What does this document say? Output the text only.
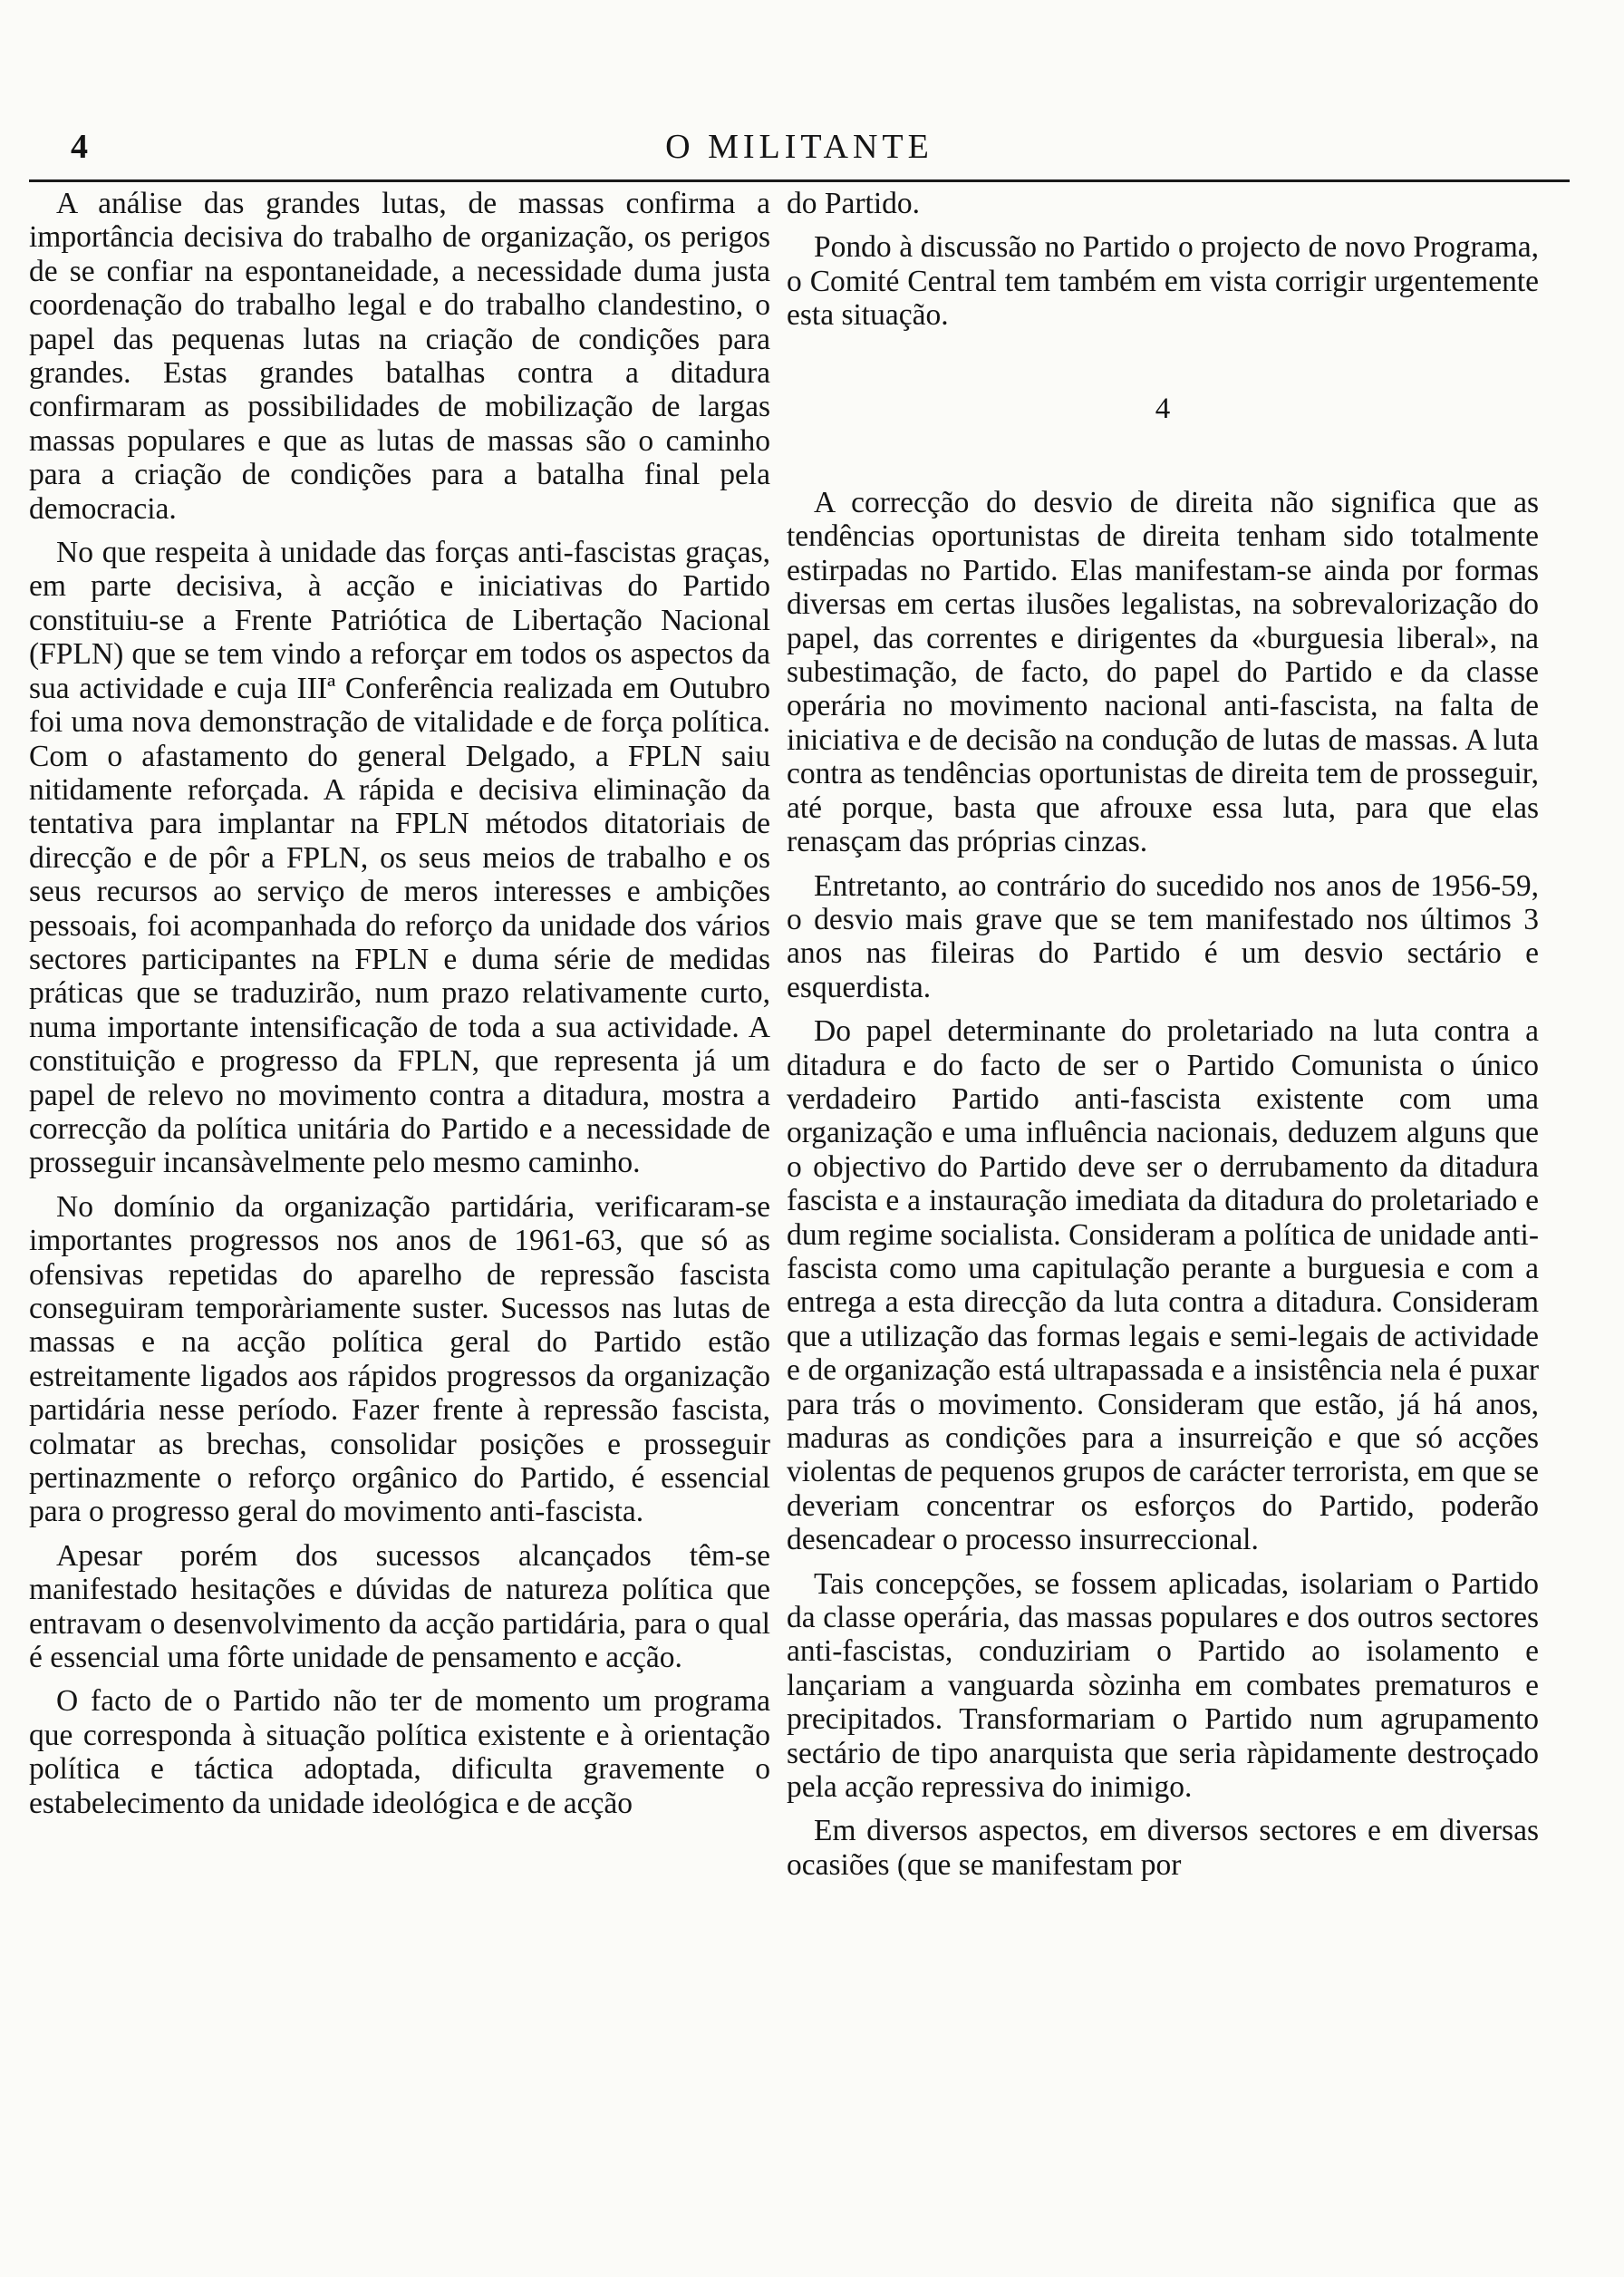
4	O MILITANTE

A análise das grandes lutas, de massas confirma a importância decisiva do trabalho de organização, os perigos de se confiar na espontaneidade, a necessidade duma justa coordenação do trabalho legal e do trabalho clandestino, o papel das pequenas lutas na criação de condições para grandes. Estas grandes batalhas contra a ditadura confirmaram as possibilidades de mobilização de largas massas populares e que as lutas de massas são o caminho para a criação de condições para a batalha final pela democracia.

No que respeita à unidade das forças anti-fascistas graças, em parte decisiva, à acção e iniciativas do Partido constituiu-se a Frente Patriótica de Libertação Nacional (FPLN) que se tem vindo a reforçar em todos os aspectos da sua actividade e cuja IIIª Conferência realizada em Outubro foi uma nova demonstração de vitalidade e de força política. Com o afastamento do general Delgado, a FPLN saiu nitidamente reforçada. A rápida e decisiva eliminação da tentativa para implantar na FPLN métodos ditatoriais de direcção e de pôr a FPLN, os seus meios de trabalho e os seus recursos ao serviço de meros interesses e ambições pessoais, foi acompanhada do reforço da unidade dos vários sectores participantes na FPLN e duma série de medidas práticas que se traduzirão, num prazo relativamente curto, numa importante intensificação de toda a sua actividade. A constituição e progresso da FPLN, que representa já um papel de relevo no movimento contra a ditadura, mostra a correcção da política unitária do Partido e a necessidade de prosseguir incansàvelmente pelo mesmo caminho.

No domínio da organização partidária, verificaram-se importantes progressos nos anos de 1961-63, que só as ofensivas repetidas do aparelho de repressão fascista conseguiram temporàriamente suster. Sucessos nas lutas de massas e na acção política geral do Partido estão estreitamente ligados aos rápidos progressos da organização partidária nesse período. Fazer frente à repressão fascista, colmatar as brechas, consolidar posições e prosseguir pertinazmente o reforço orgânico do Partido, é essencial para o progresso geral do movimento anti-fascista.

Apesar porém dos sucessos alcançados têm-se manifestado hesitações e dúvidas de natureza política que entravam o desenvolvimento da acção partidária, para o qual é essencial uma fôrte unidade de pensamento e acção.

O facto de o Partido não ter de momento um programa que corresponda à situação política existente e à orientação política e táctica adoptada, dificulta gravemente o estabelecimento da unidade ideológica e de acção

do Partido.

Pondo à discussão no Partido o projecto de novo Programa, o Comité Central tem também em vista corrigir urgentemente esta situação.

4

A correcção do desvio de direita não significa que as tendências oportunistas de direita tenham sido totalmente estirpadas no Partido. Elas manifestam-se ainda por formas diversas em certas ilusões legalistas, na sobrevalorização do papel, das correntes e dirigentes da «burguesia liberal», na subestimação, de facto, do papel do Partido e da classe operária no movimento nacional anti-fascista, na falta de iniciativa e de decisão na condução de lutas de massas. A luta contra as tendências oportunistas de direita tem de prosseguir, até porque, basta que afrouxe essa luta, para que elas renasçam das próprias cinzas.

Entretanto, ao contrário do sucedido nos anos de 1956-59, o desvio mais grave que se tem manifestado nos últimos 3 anos nas fileiras do Partido é um desvio sectário e esquerdista.

Do papel determinante do proletariado na luta contra a ditadura e do facto de ser o Partido Comunista o único verdadeiro Partido anti-fascista existente com uma organização e uma influência nacionais, deduzem alguns que o objectivo do Partido deve ser o derrubamento da ditadura fascista e a instauração imediata da ditadura do proletariado e dum regime socialista. Consideram a política de unidade anti-fascista como uma capitulação perante a burguesia e com a entrega a esta direcção da luta contra a ditadura. Consideram que a utilização das formas legais e semi-legais de actividade e de organização está ultrapassada e a insistência nela é puxar para trás o movimento. Consideram que estão, já há anos, maduras as condições para a insurreição e que só acções violentas de pequenos grupos de carácter terrorista, em que se deveriam concentrar os esforços do Partido, poderão desencadear o processo insurreccional.

Tais concepções, se fossem aplicadas, isolariam o Partido da classe operária, das massas populares e dos outros sectores anti-fascistas, conduziriam o Partido ao isolamento e lançariam a vanguarda sòzinha em combates prematuros e precipitados. Transformariam o Partido num agrupamento sectário de tipo anarquista que seria ràpidamente destroçado pela acção repressiva do inimigo.

Em diversos aspectos, em diversos sectores e em diversas ocasiões (que se manifestam por
